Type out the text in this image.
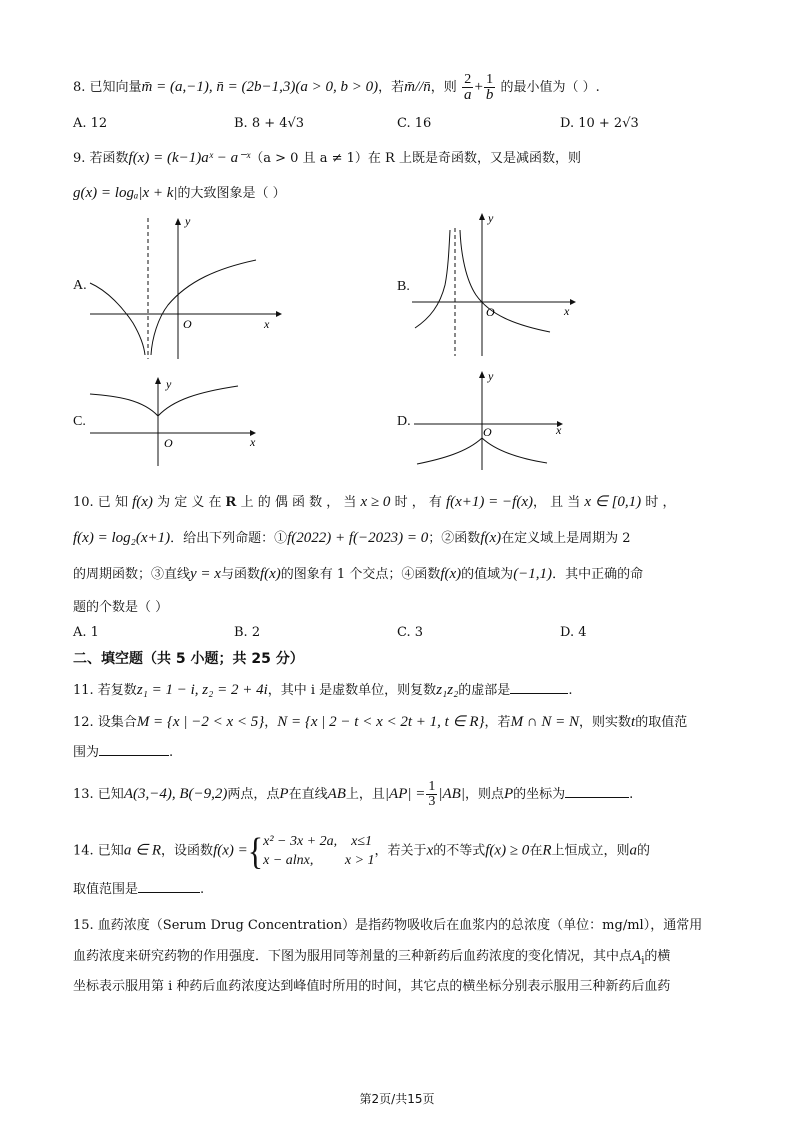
8. 已知向量m̄ = (a,−1), n̄ = (2b−1,3)(a > 0, b > 0)，若m̄//n̄，则 $\frac{2}{a} + \frac{1}{b}$ 的最小值为（ ）.
A. 12	B. 8 + 4√3	C. 16	D. 10 + 2√3
9. 若函数f(x) = (k−1)aˣ − a⁻ˣ（a > 0 且 a ≠ 1）在 R 上既是奇函数，又是减函数，则
g(x) = logₐ|x + k|的大致图象是（ ）
A.
x
y
O
B.
x
y
O
C.
x
y
O
D.
x
y
O
10. 已 知 f(x) 为 定 义 在 R 上 的 偶 函 数 ， 当 x ≥ 0 时 ， 有 f(x+1) = −f(x)， 且 当 x ∈ [0,1) 时 ，
f(x) = log₂(x+1)．给出下列命题：①f(2022) + f(−2023) = 0；②函数f(x)在定义域上是周期为 2
的周期函数；③直线y = x与函数f(x)的图象有 1 个交点；④函数f(x)的值域为(−1,1)．其中正确的命
题的个数是（ ）
A. 1	B. 2	C. 3	D. 4
二、填空题（共 5 小题；共 25 分）
11. 若复数z₁ = 1 − i, z₂ = 2 + 4i，其中 i 是虚数单位，则复数z₁z₂的虚部是	.
12. 设集合M = {x | −2 < x < 5}，N = {x | 2 − t < x < 2t + 1, t ∈ R}，若M ∩ N = N，则实数t的取值范
围为	.
13. 已知A(3,−4), B(−9,2)两点，点P在直线AB上，且$|AP| = \frac{1}{3} |AB|$，则点P的坐标为	.
14. 已知a ∈ R，设函数f(x) ={ x² − 3x + 2a, x≤1
x − alnx, x > 1
，若关于x的不等式f(x) ≥ 0在R上恒成立，则a的
取值范围是	.
15. 血药浓度（Serum Drug Concentration）是指药物吸收后在血浆内的总浓度（单位：mg/ml），通常用
血药浓度来研究药物的作用强度．下图为服用同等剂量的三种新药后血药浓度的变化情况，其中点$A_i$的横
坐标表示服用第 i 种药后血药浓度达到峰值时所用的时间，其它点的横坐标分别表示服用三种新药后血药
第2页/共15页
